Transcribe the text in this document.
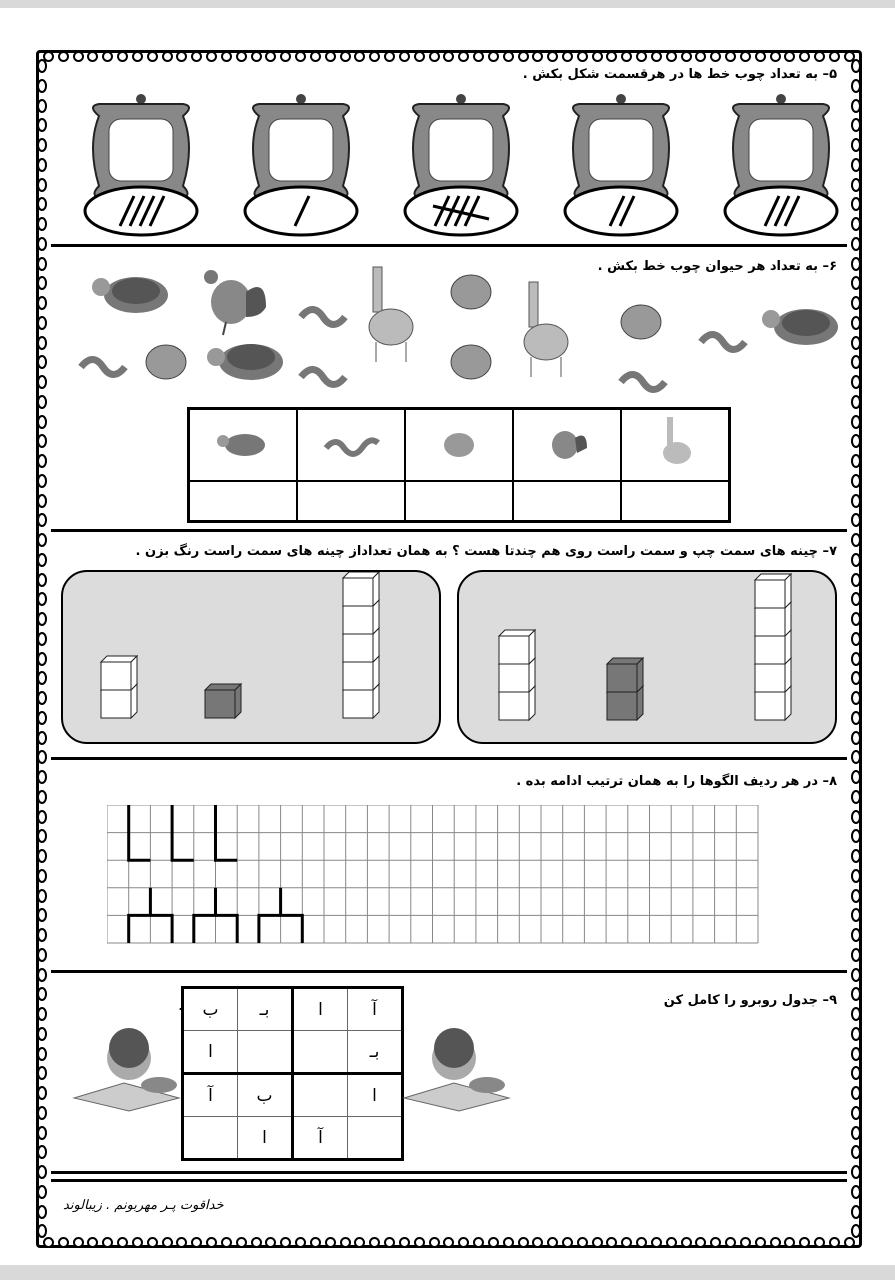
۵– به تعداد چوب خط ها در هرقسمت شکل بکش .
۶– به تعداد هر حیوان چوب خط بکش .

۷– چینه های سمت چپ و سمت راست روی هم چندتا هست ؟ به همان تعداداز چینه های سمت راست رنگ بزن .
۸– در هر ردیف الگوها را به همان ترتیب ادامه بده .
۹– جدول روبرو را کامل کن
. ب	بـ	ا	آ
ا			بـ
آ	ب		ا
	ا	آ	
خداقوت پـر مهربونم . زیبالوند
